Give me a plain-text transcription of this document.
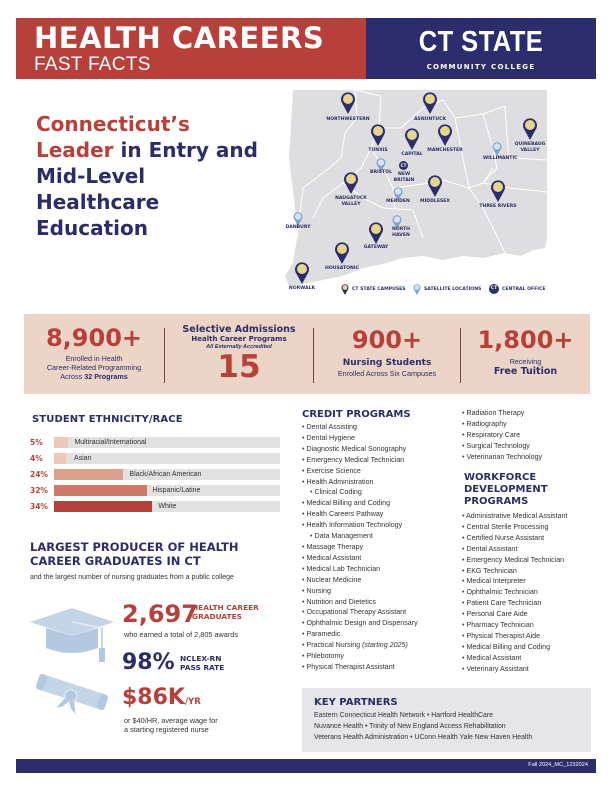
HEALTH CAREERS
FAST FACTS
CT STATE
COMMUNITY COLLEGE
Connecticut’s
Leader in Entry and Mid-Level Healthcare Education
CT
NORTHWESTERN	ASNUNTUCK
TUNXIS
CAPITAL
MANCHESTER
QUINEBAUG VALLEY
NAUGATUCK VALLEY
MIDDLESEX
THREE RIVERS
GATEWAY
HOUSATONIC
NORWALK
BRISTOL
WILLIMANTIC
MERIDEN
DANBURY	NORTH HAVEN
NEW BRITAIN
CT STATE CAMPUSES	SATELLITE LOCATIONS	CT	CENTRAL OFFICE
8,900+
Enrolled in Health
Career-Related Programming
Across 32 Programs
Selective Admissions
Health Career Programs
All Externally Accredited
15
900+
Nursing Students
Enrolled Across Six Campuses
1,800+
Receiving
Free Tuition
STUDENT ETHNICITY/RACE
5%	Multiracial/International
4%	Asian
24%	Black/African American
32%	Hispanic/Latine
34%	White
LARGEST PRODUCER OF HEALTH CAREER GRADUATES IN CT
and the largest number of nursing graduates from a public college
2,697
HEALTH CAREER
GRADUATES
who earned a total of 2,805 awards
98% NCLEX-RN
PASS RATE
$86K/YR
or $40/HR, average wage for
a starting registered nurse
CREDIT PROGRAMS
• Dental Assisting
• Dental Hygiene
• Diagnostic Medical Sonography
• Emergency Medical Technician
• Exercise Science
• Health Administration
• Clinical Coding
• Medical Billing and Coding
• Health Careers Pathway
• Health Information Technology
• Data Management
• Massage Therapy
• Medical Assistant
• Medical Lab Technician
• Nuclear Medicine
• Nursing
• Nutrition and Dietetics
• Occupational Therapy Assistant
• Ophthalmic Design and Dispensary
• Paramedic
• Practical Nursing (starting 2025)
• Phlebotomy
• Physical Therapist Assistant
• Radiation Therapy
• Radiography
• Respiratory Care
• Surgical Technology
• Veterinarian Technology
WORKFORCE
DEVELOPMENT
PROGRAMS
• Administrative Medical Assistant
• Central Sterile Processing
• Certified Nurse Assistant
• Dental Assistant
• Emergency Medical Technician
• EKG Technician
• Medical Interpreter
• Ophthalmic Technician
• Patient Care Technician
• Personal Care Aide
• Pharmacy Technician
• Physical Therapist Aide
• Medical Billing and Coding
• Medical Assistant
• Veterinary Assistant
KEY PARTNERS
Eastern Connecticut Health Network • Hartford HealthCare
Nuvance Health • Trinity of New England Access Rehabilitation
Veterans Health Administration • UConn Health Yale New Haven Health
Fall 2024_MC_1232024
